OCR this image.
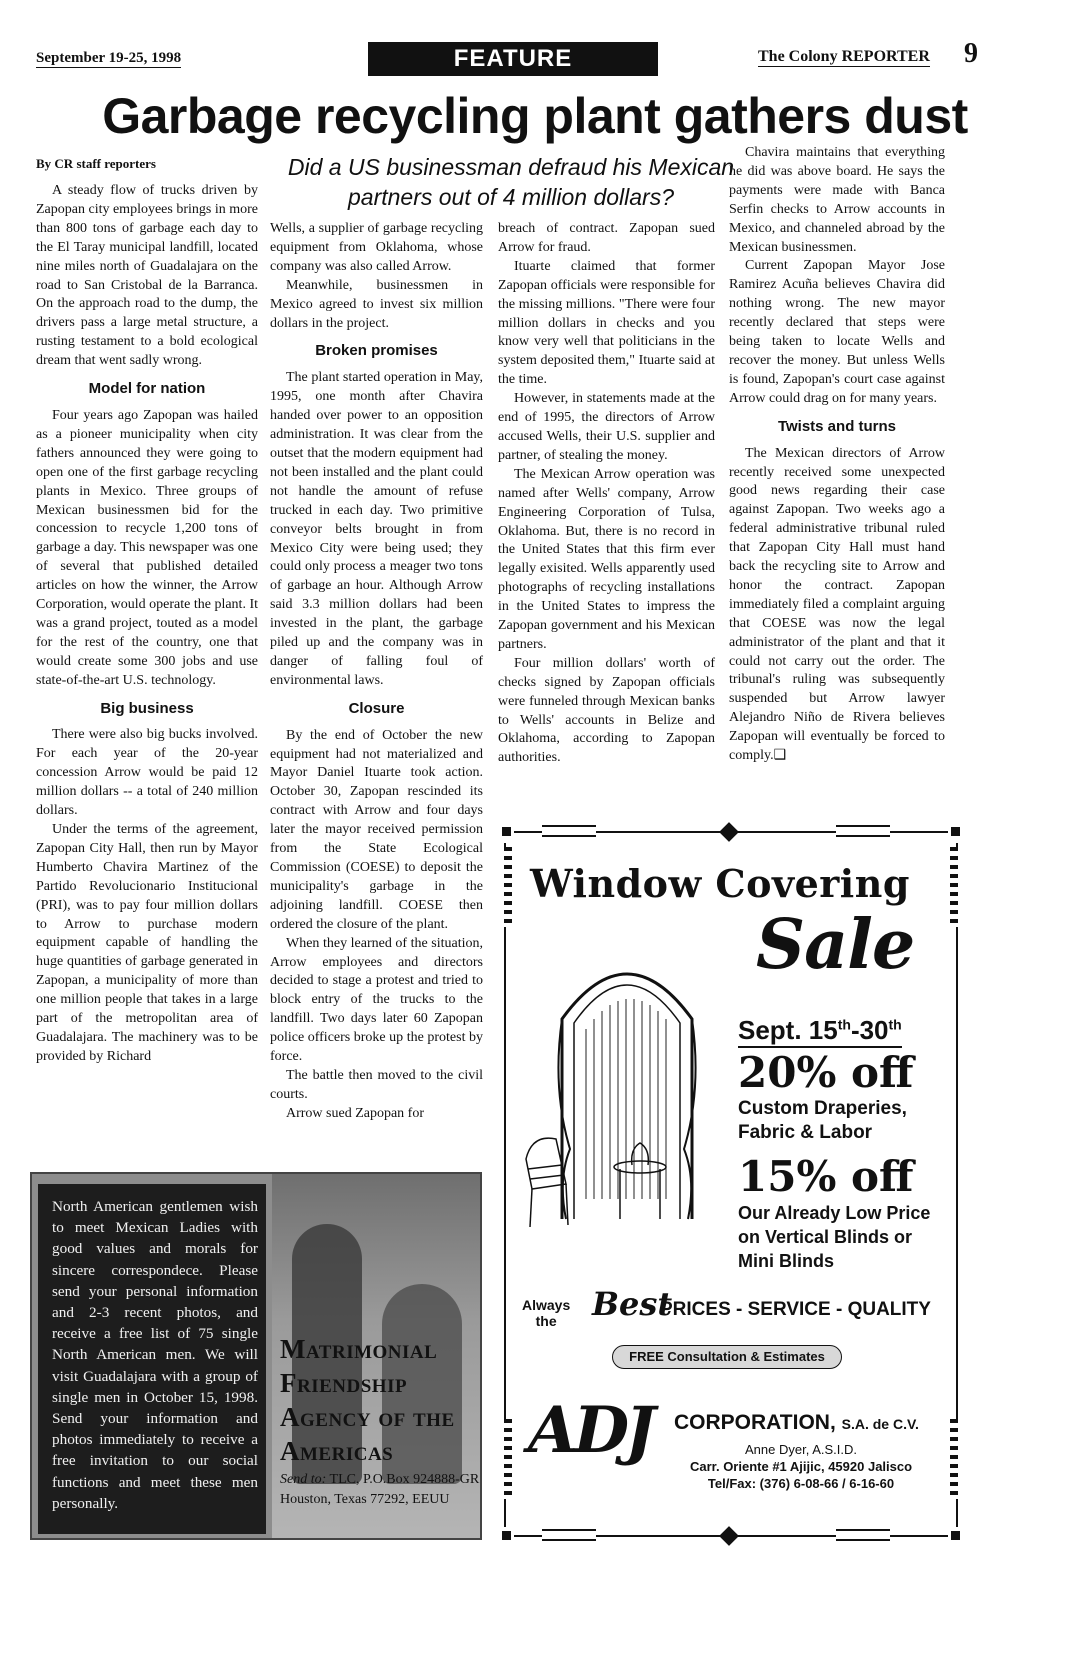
September 19-25, 1998	FEATURE	The Colony REPORTER 9
Garbage recycling plant gathers dust
By CR staff reporters	Did a US businessman defraud his Mexican partners out of 4 million dollars?

A steady flow of trucks driven by Zapopan city employees brings in more than 800 tons of garbage each day to the El Taray municipal landfill, located nine miles north of Guadalajara on the road to San Cristobal de la Barranca. On the approach road to the dump, the drivers pass a large metal structure, a rusting testament to a bold ecological dream that went sadly wrong.

Model for nation

Four years ago Zapopan was hailed as a pioneer municipality when city fathers announced they were going to open one of the first garbage recycling plants in Mexico. Three groups of Mexican businessmen bid for the concession to recycle 1,200 tons of garbage a day. This newspaper was one of several that published detailed articles on how the winner, the Arrow Corporation, would operate the plant. It was a grand project, touted as a model for the rest of the country, one that would create some 300 jobs and use state-of-the-art U.S. technology.

Big business

There were also big bucks involved. For each year of the 20-year concession Arrow would be paid 12 million dollars -- a total of 240 million dollars.

Under the terms of the agreement, Zapopan City Hall, then run by Mayor Humberto Chavira Martinez of the Partido Revolucionario Institucional (PRI), was to pay four million dollars to Arrow to purchase modern equipment capable of handling the huge quantities of garbage generated in Zapopan, a municipality of more than one million people that takes in a large part of the metropolitan area of Guadalajara. The machinery was to be provided by Richard

Wells, a supplier of garbage recycling equipment from Oklahoma, whose company was also called Arrow.

Meanwhile, businessmen in Mexico agreed to invest six million dollars in the project.

Broken promises

The plant started operation in May, 1995, one month after Chavira handed over power to an opposition administration. It was clear from the outset that the modern equipment had not been installed and the plant could not handle the amount of refuse trucked in each day. Two primitive conveyor belts brought in from Mexico City were being used; they could only process a meager two tons of garbage an hour. Although Arrow said 3.3 million dollars had been invested in the plant, the garbage piled up and the company was in danger of falling foul of environmental laws.

Closure

By the end of October the new equipment had not materialized and Mayor Daniel Ituarte took action. October 30, Zapopan rescinded its contract with Arrow and four days later the mayor received permission from the State Ecological Commission (COESE) to deposit the municipality's garbage in the adjoining landfill. COESE then ordered the closure of the plant.

When they learned of the situation, Arrow employees and directors decided to stage a protest and tried to block entry of the trucks to the landfill. Two days later 60 Zapopan police officers broke up the protest by force.

The battle then moved to the civil courts.

Arrow sued Zapopan for

breach of contract. Zapopan sued Arrow for fraud.

Ituarte claimed that former Zapopan officials were responsible for the missing millions. "There were four million dollars in checks and you know very well that politicians in the system deposited them," Ituarte said at the time.

However, in statements made at the end of 1995, the directors of Arrow accused Wells, their U.S. supplier and partner, of stealing the money.

The Mexican Arrow operation was named after Wells' company, Arrow Engineering Corporation of Tulsa, Oklahoma. But, there is no record in the United States that this firm ever legally exisited. Wells apparently used photographs of recycling installations in the United States to impress the Zapopan government and his Mexican partners.

Four million dollars' worth of checks signed by Zapopan officials were funneled through Mexican banks to Wells' accounts in Belize and Oklahoma, according to Zapopan authorities.

Chavira maintains that everything he did was above board. He says the payments were made with Banca Serfin checks to Arrow accounts in Mexico, and channeled abroad by the Mexican businessmen.

Current Zapopan Mayor Jose Ramirez Acuña believes Chavira did nothing wrong. The new mayor recently declared that steps were being taken to locate Wells and recover the money. But unless Wells is found, Zapopan's court case against Arrow could drag on for many years.

Twists and turns

The Mexican directors of Arrow recently received some unexpected good news regarding their case against Zapopan. Two weeks ago a federal administrative tribunal ruled that Zapopan City Hall must hand back the recycling site to Arrow and honor the contract. Zapopan immediately filed a complaint arguing that COESE was now the legal administrator of the plant and that it could not carry out the order. The tribunal's ruling was subsequently suspended but Arrow lawyer Alejandro Niño de Rivera believes Zapopan will eventually be forced to comply.❑

North American gentlemen wish to meet Mexican Ladies with good values and morals for sincere correspondece. Please send your personal information and 2-3 recent photos, and receive a free list of 75 single North American men. We will visit Guadalajara with a group of single men in October 15, 1998. Send your information and photos immediately to receive a free invitation to our social functions and meet these men personally.
Matrimonial Friendship Agency of the Americas
Send to: TLC, P.O.Box 924888-GR
Houston, Texas 77292, EEUU
Window Covering
Sale
Sept. 15th-30th
20% off
Custom Draperies, Fabric & Labor
15% off
Our Already Low Price on Vertical Blinds or Mini Blinds
Always
the	Best
PRICES - SERVICE - QUALITY
FREE Consultation & Estimates
ADJ CORPORATION, S.A. de C.V.
Anne Dyer, A.S.I.D.
Carr. Oriente #1 Ajijic, 45920 Jalisco
Tel/Fax: (376) 6-08-66 / 6-16-60
